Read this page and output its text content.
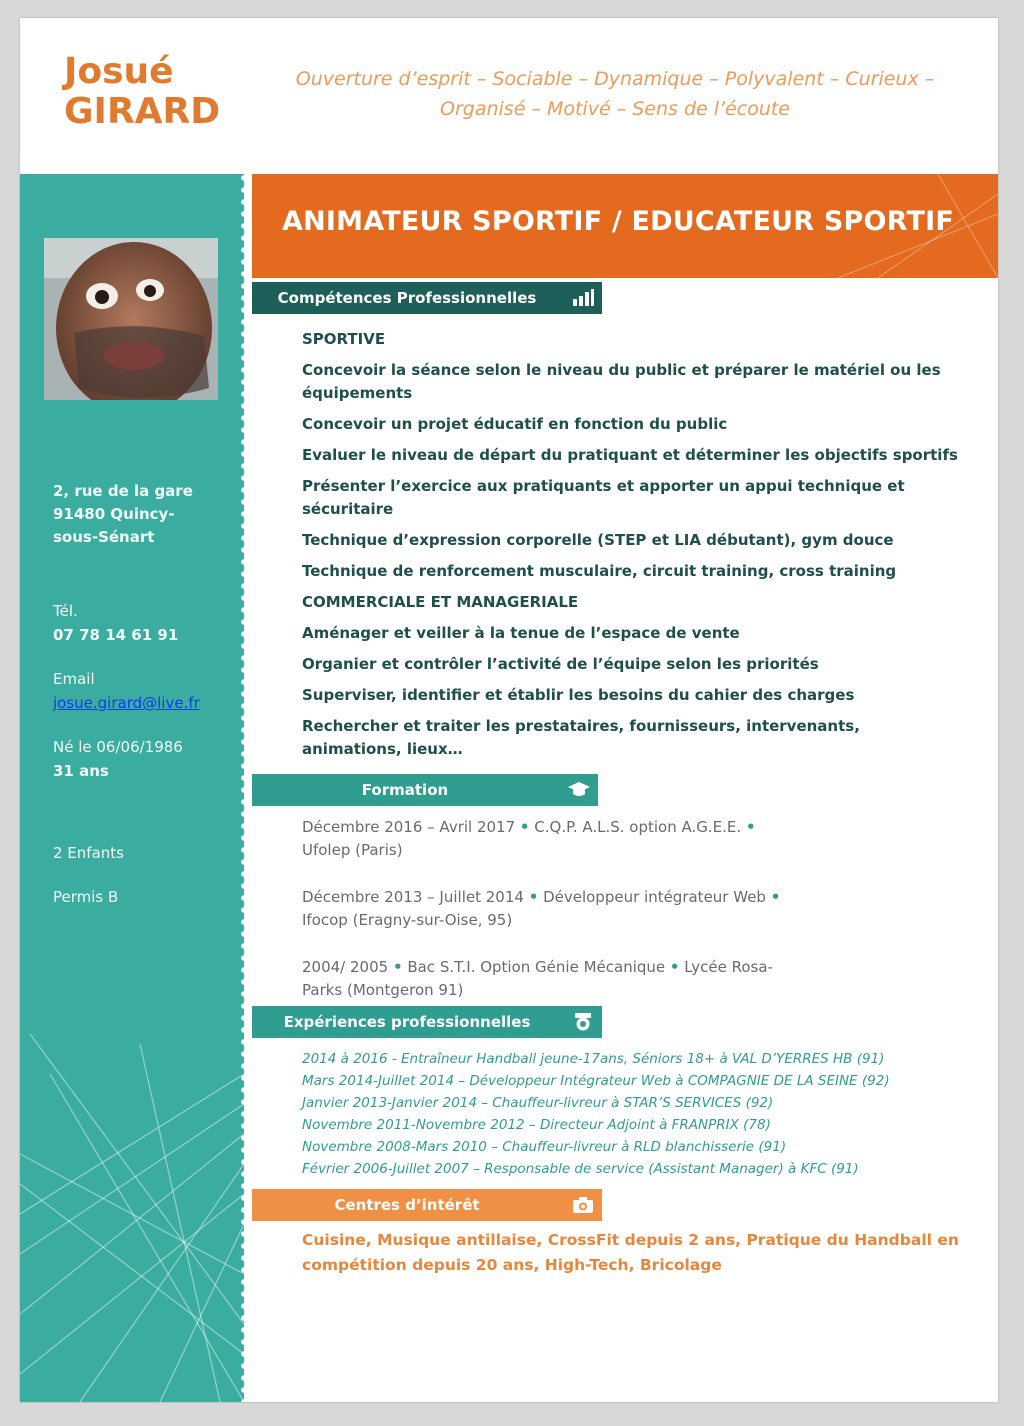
Josué
GIRARD
Ouverture d’esprit – Sociable – Dynamique – Polyvalent – Curieux –
Organisé – Motivé – Sens de l’écoute
2, rue de la gare
91480 Quincy-
sous-Sénart
Tél.
07 78 14 61 91
Email
josue.girard@live.fr
Né le 06/06/1986
31 ans
2 Enfants
Permis B
ANIMATEUR SPORTIF / EDUCATEUR SPORTIF
Compétences Professionnelles
SPORTIVE
Concevoir la séance selon le niveau du public et préparer le matériel ou les équipements
Concevoir un projet éducatif en fonction du public
Evaluer le niveau de départ du pratiquant et déterminer les objectifs sportifs
Présenter l’exercice aux pratiquants et apporter un appui technique et sécuritaire
Technique d’expression corporelle (STEP et LIA débutant), gym douce
Technique de renforcement musculaire, circuit training, cross training
COMMERCIALE ET MANAGERIALE
Aménager et veiller à la tenue de l’espace de vente
Organier et contrôler l’activité de l’équipe selon les priorités
Superviser, identifier et établir les besoins du cahier des charges
Rechercher et traiter les prestataires, fournisseurs, intervenants, animations, lieux…
Formation
Décembre 2016 – Avril 2017 • C.Q.P. A.L.S. option A.G.E.E. • Ufolep (Paris)
Décembre 2013 – Juillet 2014 • Développeur intégrateur Web • Ifocop (Eragny-sur-Oise, 95)
2004/ 2005 • Bac S.T.I. Option Génie Mécanique • Lycée Rosa-Parks (Montgeron 91)
Expériences professionnelles
2014 à 2016 - Entraîneur Handball jeune-17ans, Séniors 18+ à VAL D’YERRES HB (91)
Mars 2014-Juillet 2014 – Développeur Intégrateur Web à COMPAGNIE DE LA SEINE (92)
Janvier 2013-Janvier 2014 – Chauffeur-livreur à STAR’S SERVICES (92)
Novembre 2011-Novembre 2012 – Directeur Adjoint à FRANPRIX (78)
Novembre 2008-Mars 2010 – Chauffeur-livreur à RLD blanchisserie (91)
Février 2006-Juillet 2007 – Responsable de service (Assistant Manager) à KFC (91)
Centres d’intérêt
Cuisine, Musique antillaise, CrossFit depuis 2 ans, Pratique du Handball en compétition depuis 20 ans, High-Tech, Bricolage
